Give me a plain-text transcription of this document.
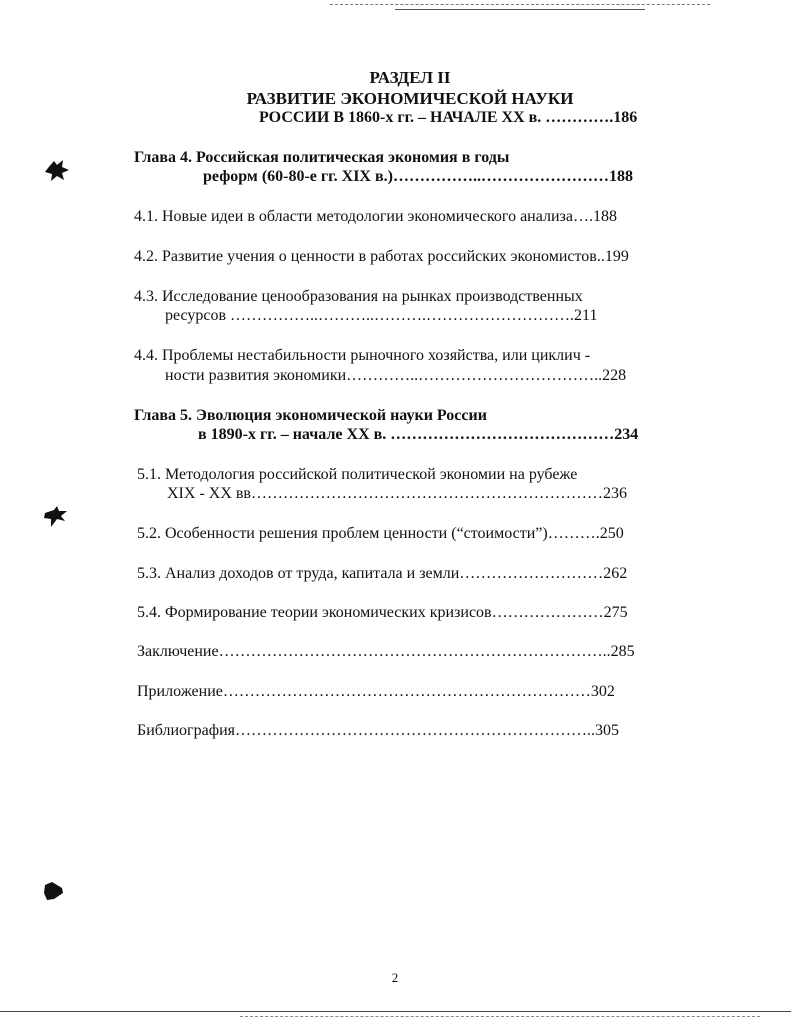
РАЗДЕЛ II
РАЗВИТИЕ ЭКОНОМИЧЕСКОЙ НАУКИ
РОССИИ В 1860-х гг. – НАЧАЛЕ XX в. ………….186
Глава 4. Российская политическая экономия в годы
реформ (60-80-е гг. XIX в.)……………..……………………188
4.1. Новые идеи в области методологии экономического анализа….188
4.2. Развитие учения о ценности в работах российских экономистов..199
4.3. Исследование ценообразования на рынках производственных
ресурсов ……………..………..……….……………………….211
4.4. Проблемы нестабильности рыночного хозяйства, или циклич -
ности развития экономики…………..……………………………..228
Глава 5. Эволюция экономической науки России
в 1890-х гг. – начале XX в. ……………………………………234
5.1. Методология российской политической экономии на рубеже
XIX - XX вв…………………………………………………………236
5.2. Особенности решения проблем ценности (“стоимости”)……….250
5.3. Анализ доходов от труда, капитала и земли………………………262
5.4. Формирование теории экономических кризисов…………………275
Заключение………………………………………………………………..285
Приложение……………………………………………………………302
Библиография…………………………………………………………..305
2
